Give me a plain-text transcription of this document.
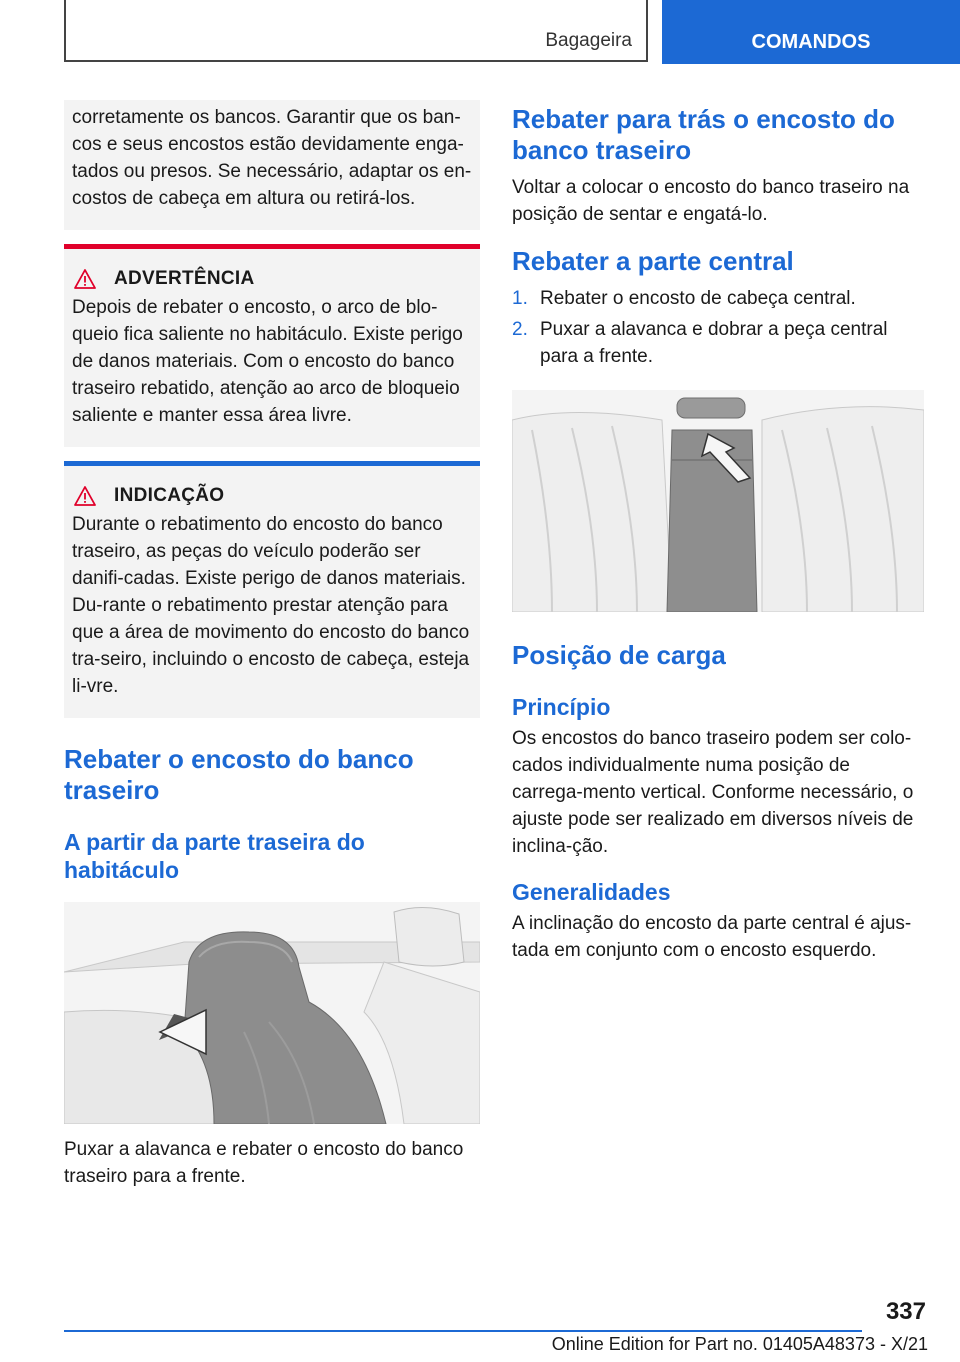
Bagageira	COMANDOS

corretamente os bancos. Garantir que os ban-cos e seus encostos estão devidamente enga-tados ou presos. Se necessário, adaptar os en-costos de cabeça em altura ou retirá-los.

ADVERTÊNCIA

Depois de rebater o encosto, o arco de blo-queio fica saliente no habitáculo. Existe perigo de danos materiais. Com o encosto do banco traseiro rebatido, atenção ao arco de bloqueio saliente e manter essa área livre.

INDICAÇÃO

Durante o rebatimento do encosto do banco traseiro, as peças do veículo poderão ser danifi-cadas. Existe perigo de danos materiais. Du-rante o rebatimento prestar atenção para que a área de movimento do encosto do banco tra-seiro, incluindo o encosto de cabeça, esteja li-vre.

Rebater o encosto do banco traseiro
A partir da parte traseira do habitáculo

Puxar a alavanca e rebater o encosto do banco traseiro para a frente.

Rebater para trás o encosto do banco traseiro

Voltar a colocar o encosto do banco traseiro na posição de sentar e engatá-lo.

Rebater a parte central
1. Rebater o encosto de cabeça central.
2. Puxar a alavanca e dobrar a peça central para a frente.
Posição de carga
Princípio

Os encostos do banco traseiro podem ser colo-cados individualmente numa posição de carrega-mento vertical. Conforme necessário, o ajuste pode ser realizado em diversos níveis de inclina-ção.

Generalidades

A inclinação do encosto da parte central é ajus-tada em conjunto com o encosto esquerdo.

337
Online Edition for Part no. 01405A48373 - X/21
